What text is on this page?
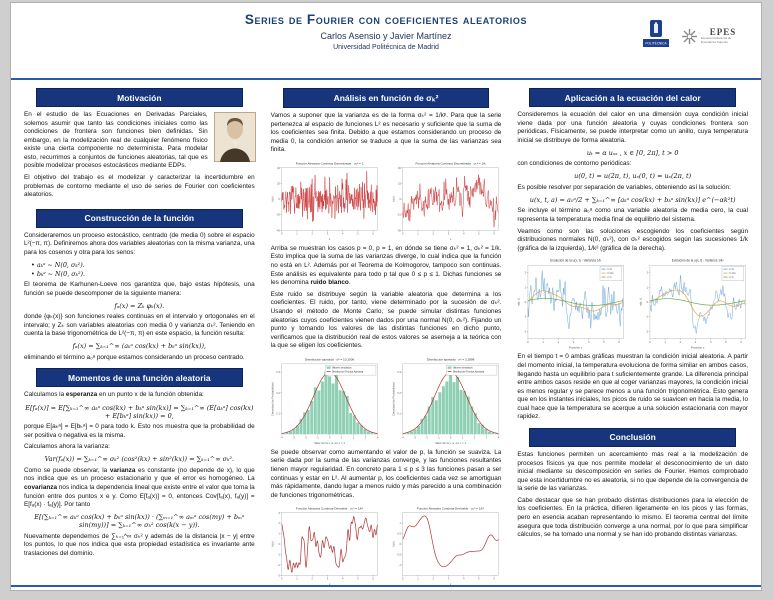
Series de Fourier con coeficientes aleatorios
Carlos Asensio y Javier Martínez
Universidad Politécnica de Madrid
POLITÉCNICA
EPES
Escuela Politécnica de Enseñanza Superior
Motivación

En el estudio de las Ecuaciones en Derivadas Parciales, solemos asumir que tanto las condiciones iniciales como las condiciones de frontera son funciones bien definidas. Sin embargo, en la modelización real de cualquier fenómeno físico existe una cierta componente no determinista. Para modelar esto, recurrimos a conjuntos de funciones aleatorias, tal que es posible modelizar procesos estocásticos mediante EDPs.

El objetivo del trabajo es el modelizar y caracterizar la incertidumbre en problemas de contorno mediante el uso de series de Fourier con coeficientes aleatorios.

Construcción de la función

Consideraremos un proceso estocástico, centrado (de media 0) sobre el espacio L²(−π, π). Definiremos ahora dos variables aleatorias con la misma varianza, una para los cosenos y otra para los senos:

• aₖᵃ ~ N(0, σₖ²).
• bₖᵃ ~ N(0, σₖ²).

El teorema de Karhunen-Loeve nos garantiza que, bajo estas hipótesis, una función se puede descomponer de la siguiente manera:

fₐ(x) = Zₖ φₖ(x).

donde {φₖ(x)} son funciones reales continuas en el intervalo y ortogonales en el intervalo; y Zₖ son variables aleatorias con media 0 y varianza σₖ². Teniendo en cuenta la base trigonométrica de L²(−π, π) en este espacio, la función resulta:

fₐ(x) = ∑ₖ₌₁^∞ (aₖᵃ cos(kx) + bₖᵃ sin(kx)),

eliminando el término a₀ᵃ porque estamos considerando un proceso centrado.

Momentos de una función aleatoria

Calculamos la esperanza en un punto x de la función obtenida:

E[fₐ(x)] = E[∑ₖ₌₁^∞ aₖᵃ cos(kx) + bₖᵃ sin(kx)] = ∑ₖ₌₁^∞ (E[aₖᵃ] cos(kx) + E[bₖᵃ] sin(kx)) = 0,

porque E[aₖᵃ] = E[bₖᵃ] = 0 para todo k. Esto nos muestra que la probabilidad de ser positiva o negativa es la misma.

Calculamos ahora la varianza:

Var(fₐ(x)) = ∑ₖ₌₁^∞ σₖ² (cos²(kx) + sin²(kx)) = ∑ₖ₌₁^∞ σₖ².

Como se puede observar, la varianza es constante (no depende de x), lo que nos indica que es un proceso estacionario y que el error es homogéneo. La covarianza nos indica la dependencia lineal que existe entre el valor que toma la función entre dos puntos x e y. Como E[fₐ(x)] = 0, entonces Cov[fₐ(x), fₐ(y)] = E[fₐ(x) · fₐ(y)]. Por tanto

E[(∑ₖ₌₁^∞ aₖᵃ cos(kx) + bₖᵃ sin(kx)) · (∑ₘ₌₁^∞ aₘᵃ cos(my) + bₘᵃ sin(my))] = ∑ₖ₌₁^∞ σₖ² cos(k(x − y)).

Nuevamente dependemos de ∑ₖ₌₁^∞ σₖ² y además de la distancia |x − y| entre los puntos, lo que nos indica que esta propiedad estadística es invariante ante traslaciones del dominio.

Análisis en función de σₖ²

Vamos a suponer que la varianza es de la forma σₖ² = 1/kᵖ. Para que la serie pertenezca al espacio de funciones L² es necesario y suficiente que la suma de los coeficientes sea finita. Debido a que estamos considerando un proceso de media 0, la condición anterior se traduce a que la suma de las varianzas sea finita.

Función Aleatoria Continua Discretizada · σₖ² = 1
x
fₐ(x)
0	1	2	3	4	5	6
-40
-20
0
20
40
Función Aleatoria Continua Discretizada · σₖ² = 1/k
x
fₐ(x)
0	1	2	3	4	5	6
-30
-15
0
15
30

Arriba se muestran los casos p = 0, p = 1, en dónde se tiene σₖ² = 1, σₖ² = 1/k. Esto implica que la suma de las varianzas diverge, lo cual indica que la función no está en L². Además por el Teorema de Kolmogorov, tampoco son continuas. Este análisis es equivalente para todo p tal que 0 ≤ p ≤ 1. Dichas funciones se les denomina ruido blanco.

Este ruido se distribuye según la variable aleatoria que determina a los coeficientes. El ruido, por tanto, viene determinado por la sucesión de σₖ². Usando el método de Monte Carlo, se puede simular distintas funciones aleatorias cuyos coeficientes vienen dados por una normal N(0, σₖ²). Fijando un punto y tomando los valores de las distintas funciones en dicho punto, verificamos que la distribución real de estos valores se asemeja a la teórica con la que se eligen los coeficientes.

Distribución ajustada · σ² = 10.2006
Valor de la v. a. en x = 1
Densidad de Probabilidad
-4	-3	-2	-1	0	1	2	3	4
0.1
0.2
0.3
Valores simulados
Distribución Teórica Ajustada
Distribución ajustada · σ² = 3.2898
Valor de la v. a. en x = 1
Densidad de Probabilidad
-4	-3	-2	-1	0	1	2	3	4
0.1
0.2
0.3
Valores simulados
Distribución Teórica Ajustada

Se puede observar como aumentando el valor de p, la función se suaviza. La serie dada por la suma de las varianzas converge, y las funciones resultantes tienen mayor regularidad. En concreto para 1 ≤ p ≤ 3 las funciones pasan a ser continuas y estar en L². Al aumentar p, los coeficientes cada vez se amortiguan más rápidamente, dando lugar a menos ruido y más parecido a una combinación de funciones trigonométricas.

Función Aleatoria Continua Derivable · σₖ² = 1/k²
x
fₐ(x)
0	1	2	3	4	5	6
-3
-2
-1
0
1
2
3
Función Aleatoria Continua Derivable · σₖ² = 1/k⁴
x
fₐ(x)
0	1	2	3	4	5	6
-1
-0.5
0
0.5
1
Aplicación a la ecuación del calor

Consideremos la ecuación del calor en una dimensión cuya condición inicial viene dada por una función aleatoria y cuyas condiciones frontera son periódicas. Físicamente, se puede interpretar como un anillo, cuya temperatura inicial se distribuye de forma aleatoria.

uₜ = α uₓₓ , x ∈ [0, 2π], t > 0

con condiciones de contorno periódicas:

u(0, t) = u(2π, t), uₓ(0, t) = uₓ(2π, t)

Es posible resolver por separación de variables, obteniendo así la solución:

u(x, t, a) = a₀ᵃ/2 + ∑ₖ₌₁^∞ [aₖᵃ cos(kx) + bₖᵃ sin(kx)] e^(−αk²t)

Se incluye el término a₀ᵃ como una variable aleatoria de media cero, la cual representa la temperatura media final de equilibrio del sistema.

Veamos como son las soluciones escogiendo los coeficientes según distribuciones normales N(0, σₖ²), con σₖ² escogidos según las sucesiones 1/k (gráfica de la izquierda), 1/k² (gráfica de la derecha).

Evolución de la u(x, t) · Varianza 1/k
Posición x
u(x, t)
0	1	2	3	4	5	6
-2
-1
0
1
2
t = 0
t = 0.1
t = 1
Evolución de la u(x, t) · Varianza 1/k²
Posición x
u(x, t)
0	1	2	3	4	5	6
-2
-1
0
1
2
t = 0
t = 0.1
t = 1

En el tiempo t = 0 ambas gráficas muestran la condición inicial aleatoria. A partir del momento inicial, la temperatura evoluciona de forma similar en ambos casos, llegando hasta un equilibrio para t suficientemente grande. La diferencia principal entre ambos casos reside en que al coger varianzas mayores, la condición inicial es menos regular y se parece menos a una función trigonométrica. Esto genera que en los instantes iniciales, los picos de ruido se suavicen en hacia la media, lo cual hace que la temperatura se acerque a una solución estacionaria con mayor rapidez.

Conclusión

Estas funciones permiten un acercamiento más real a la modelización de procesos físicos ya que nos permite modelar el desconocimiento de un dato inicial mediante su descomposición en series de Fourier. Hemos comprobado que esta incertidumbre no es aleatoria, si no que depende de la convergencia de la serie de las varianzas.

Cabe destacar que se han probado distintas distribuciones para la elección de los coeficientes. En la práctica, difieren ligeramente en los picos y las formas, pero en esencia acaban representando lo mismo. El teorema central del límite asegura que toda distribución converge a una normal, por lo que para simplificar cálculos, se ha tomado una normal y se han ido probando distintas varianzas.
